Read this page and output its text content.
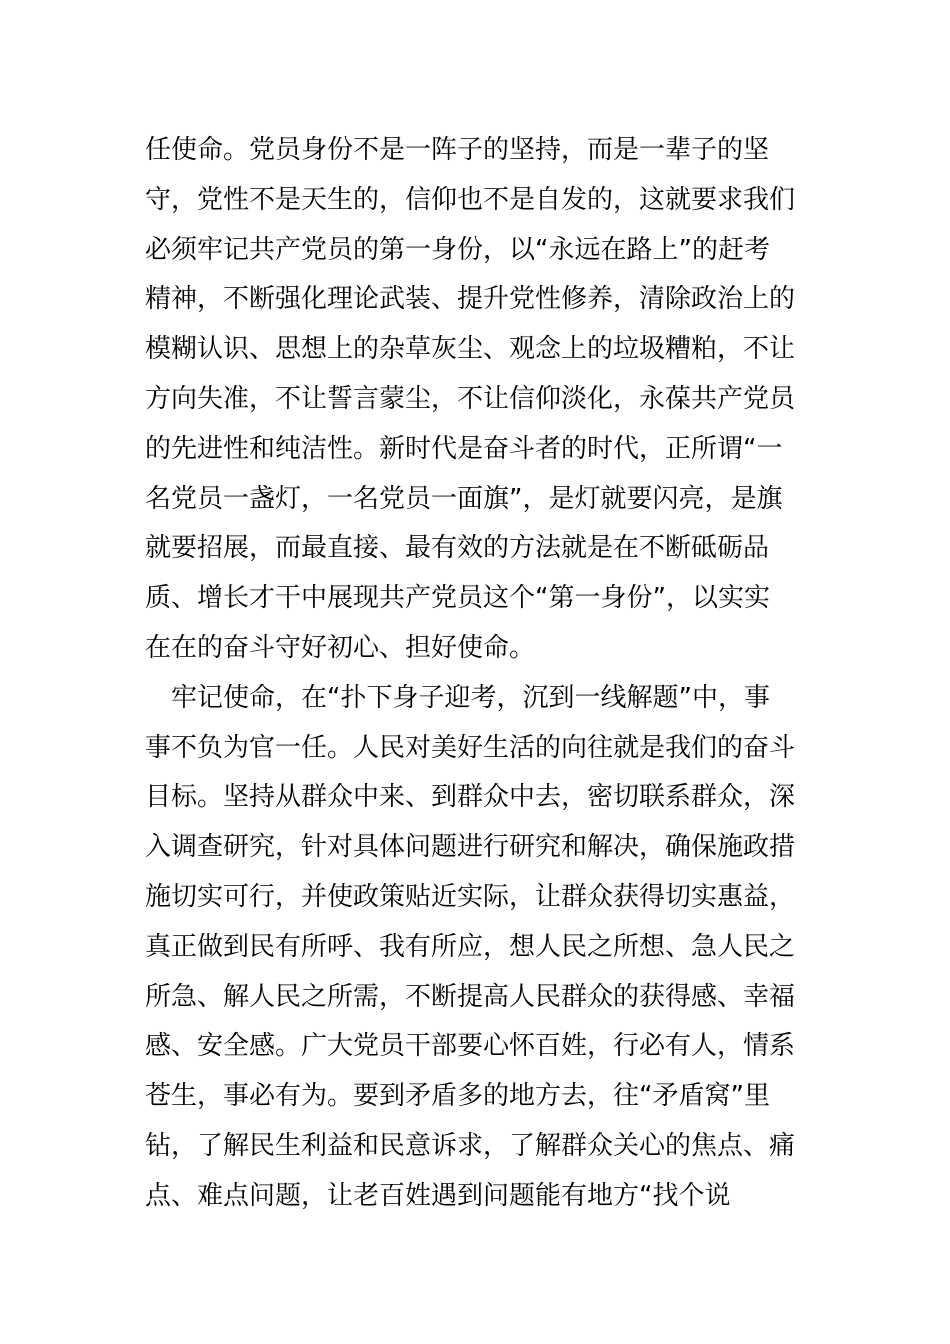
任使命。党员身份不是一阵子的坚持，而是一辈子的坚
守，党性不是天生的，信仰也不是自发的，这就要求我们
必须牢记共产党员的第一身份，以“永远在路上”的赶考
精神，不断强化理论武装、提升党性修养，清除政治上的
模糊认识、思想上的杂草灰尘、观念上的垃圾糟粕，不让
方向失准，不让誓言蒙尘，不让信仰淡化，永葆共产党员
的先进性和纯洁性。新时代是奋斗者的时代，正所谓“一
名党员一盏灯，一名党员一面旗”，是灯就要闪亮，是旗
就要招展，而最直接、最有效的方法就是在不断砥砺品
质、增长才干中展现共产党员这个“第一身份”，以实实
在在的奋斗守好初心、担好使命。
牢记使命，在“扑下身子迎考，沉到一线解题”中，事
事不负为官一任。人民对美好生活的向往就是我们的奋斗
目标。坚持从群众中来、到群众中去，密切联系群众，深
入调查研究，针对具体问题进行研究和解决，确保施政措
施切实可行，并使政策贴近实际，让群众获得切实惠益，
真正做到民有所呼、我有所应，想人民之所想、急人民之
所急、解人民之所需，不断提高人民群众的获得感、幸福
感、安全感。广大党员干部要心怀百姓，行必有人，情系
苍生，事必有为。要到矛盾多的地方去，往“矛盾窝”里
钻，了解民生利益和民意诉求，了解群众关心的焦点、痛
点、难点问题，让老百姓遇到问题能有地方“找个说
